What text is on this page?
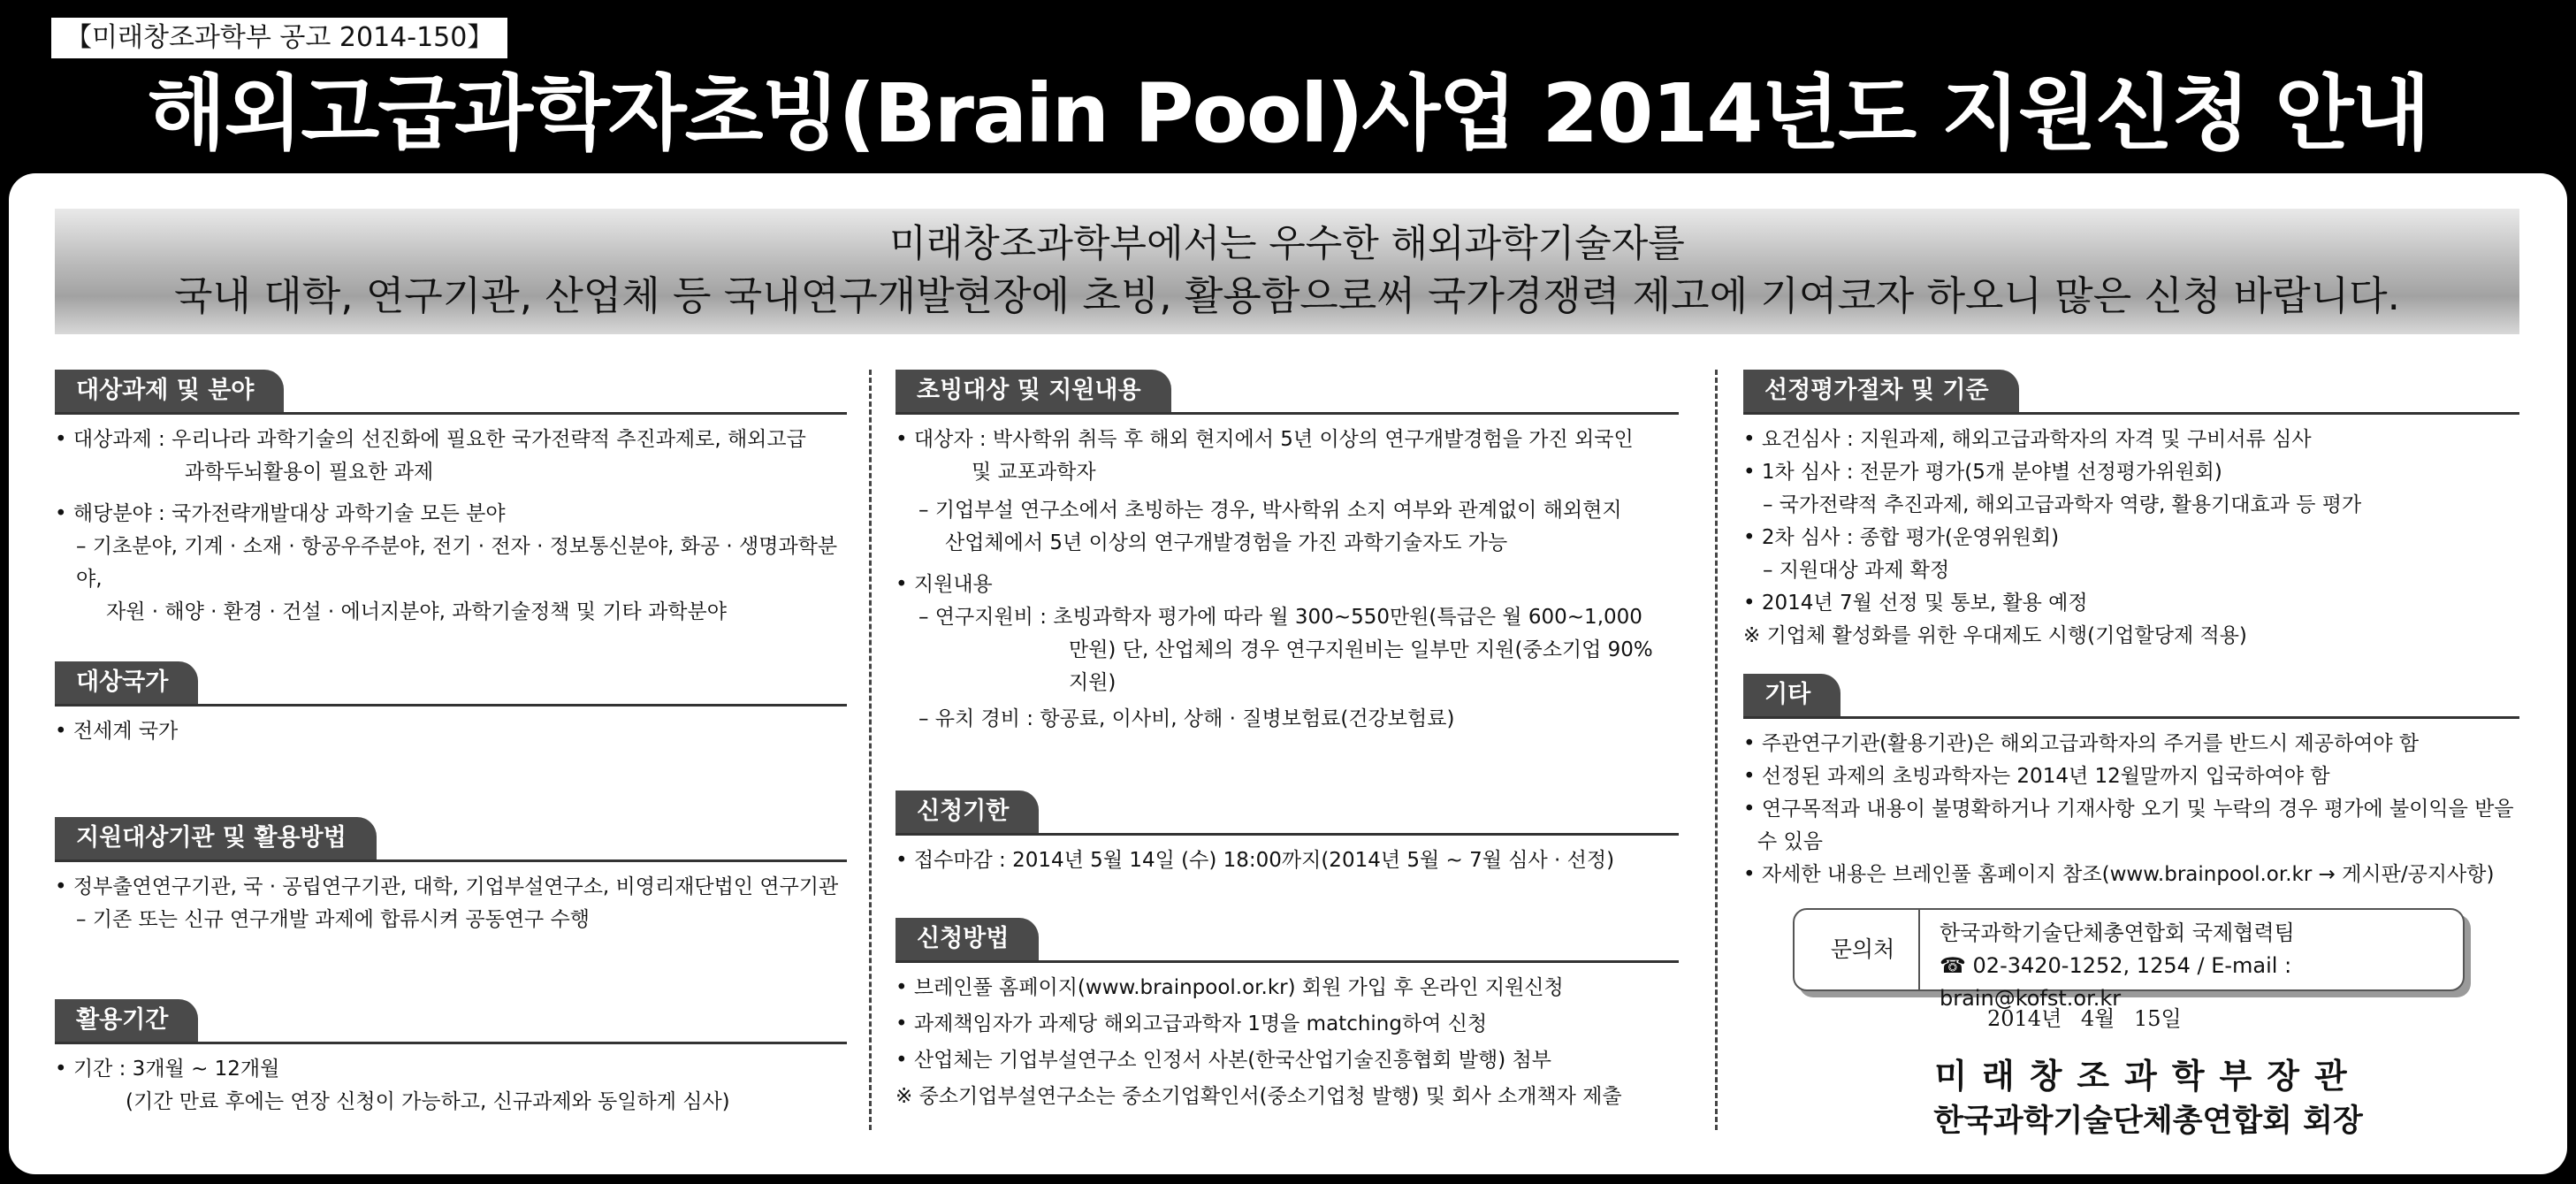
【미래창조과학부 공고 2014-150】
해외고급과학자초빙(Brain Pool)사업 2014년도 지원신청 안내
미래창조과학부에서는 우수한 해외과학기술자를
국내 대학, 연구기관, 산업체 등 국내연구개발현장에 초빙, 활용함으로써 국가경쟁력 제고에 기여코자 하오니 많은 신청 바랍니다.
대상과제 및 분야
• 대상과제 : 우리나라 과학기술의 선진화에 필요한 국가전략적 추진과제로, 해외고급
과학두뇌활용이 필요한 과제
• 해당분야 : 국가전략개발대상 과학기술 모든 분야
– 기초분야, 기계 · 소재 · 항공우주분야, 전기 · 전자 · 정보통신분야, 화공 · 생명과학분야,
자원 · 해양 · 환경 · 건설 · 에너지분야, 과학기술정책 및 기타 과학분야
대상국가
• 전세계 국가
지원대상기관 및 활용방법
• 정부출연연구기관, 국 · 공립연구기관, 대학, 기업부설연구소, 비영리재단법인 연구기관
– 기존 또는 신규 연구개발 과제에 합류시켜 공동연구 수행
활용기간
• 기간 : 3개월 ~ 12개월
(기간 만료 후에는 연장 신청이 가능하고, 신규과제와 동일하게 심사)
초빙대상 및 지원내용
• 대상자 : 박사학위 취득 후 해외 현지에서 5년 이상의 연구개발경험을 가진 외국인
및 교포과학자
– 기업부설 연구소에서 초빙하는 경우, 박사학위 소지 여부와 관계없이 해외현지
산업체에서 5년 이상의 연구개발경험을 가진 과학기술자도 가능
• 지원내용
– 연구지원비 : 초빙과학자 평가에 따라 월 300~550만원(특급은 월 600~1,000
만원) 단, 산업체의 경우 연구지원비는 일부만 지원(중소기업 90%
지원)
– 유치 경비 : 항공료, 이사비, 상해 · 질병보험료(건강보험료)
신청기한
• 접수마감 : 2014년 5월 14일 (수) 18:00까지(2014년 5월 ~ 7월 심사 · 선정)
신청방법
• 브레인풀 홈페이지(www.brainpool.or.kr) 회원 가입 후 온라인 지원신청
• 과제책임자가 과제당 해외고급과학자 1명을 matching하여 신청
• 산업체는 기업부설연구소 인정서 사본(한국산업기술진흥협회 발행) 첨부
※ 중소기업부설연구소는 중소기업확인서(중소기업청 발행) 및 회사 소개책자 제출
선정평가절차 및 기준
• 요건심사 : 지원과제, 해외고급과학자의 자격 및 구비서류 심사
• 1차 심사 : 전문가 평가(5개 분야별 선정평가위원회)
– 국가전략적 추진과제, 해외고급과학자 역량, 활용기대효과 등 평가
• 2차 심사 : 종합 평가(운영위원회)
– 지원대상 과제 확정
• 2014년 7월 선정 및 통보, 활용 예정
※ 기업체 활성화를 위한 우대제도 시행(기업할당제 적용)
기타
• 주관연구기관(활용기관)은 해외고급과학자의 주거를 반드시 제공하여야 함
• 선정된 과제의 초빙과학자는 2014년 12월말까지 입국하여야 함
• 연구목적과 내용이 불명확하거나 기재사항 오기 및 누락의 경우 평가에 불이익을 받을
수 있음
• 자세한 내용은 브레인풀 홈페이지 참조(www.brainpool.or.kr → 게시판/공지사항)
문의처
한국과학기술단체총연합회 국제협력팀
☎ 02-3420-1252, 1254 / E-mail : brain@kofst.or.kr
2014년 4월 15일
미래창조과학부장관
한국과학기술단체총연합회 회장
